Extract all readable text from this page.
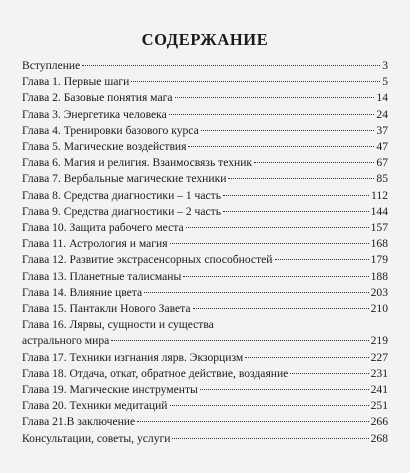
СОДЕРЖАНИЕ
Вступление	3
Глава 1. Первые шаги	5
Глава 2. Базовые понятия мага	14
Глава 3. Энергетика человека	24
Глава 4. Тренировки базового курса	37
Глава 5. Магические воздействия	47
Глава 6. Магия и религия. Взаимосвязь техник	67
Глава 7. Вербальные магические техники	85
Глава 8. Средства диагностики – 1 часть	112
Глава 9. Средства диагностики – 2 часть	144
Глава 10. Защита рабочего места	157
Глава 11. Астрология и магия	168
Глава 12. Развитие экстрасенсорных способностей	179
Глава 13. Планетные талисманы	188
Глава 14. Влияние цвета	203
Глава 15. Пантакли Нового Завета	210
Глава 16. Лярвы, сущности и существа
астрального мира	219
Глава 17. Техники изгнания лярв. Экзорцизм	227
Глава 18. Отдача, откат, обратное действие, воздаяние	231
Глава 19. Магические инструменты	241
Глава 20. Техники медитаций	251
Глава 21.В заключение	266
Консультации, советы, услуги	268
